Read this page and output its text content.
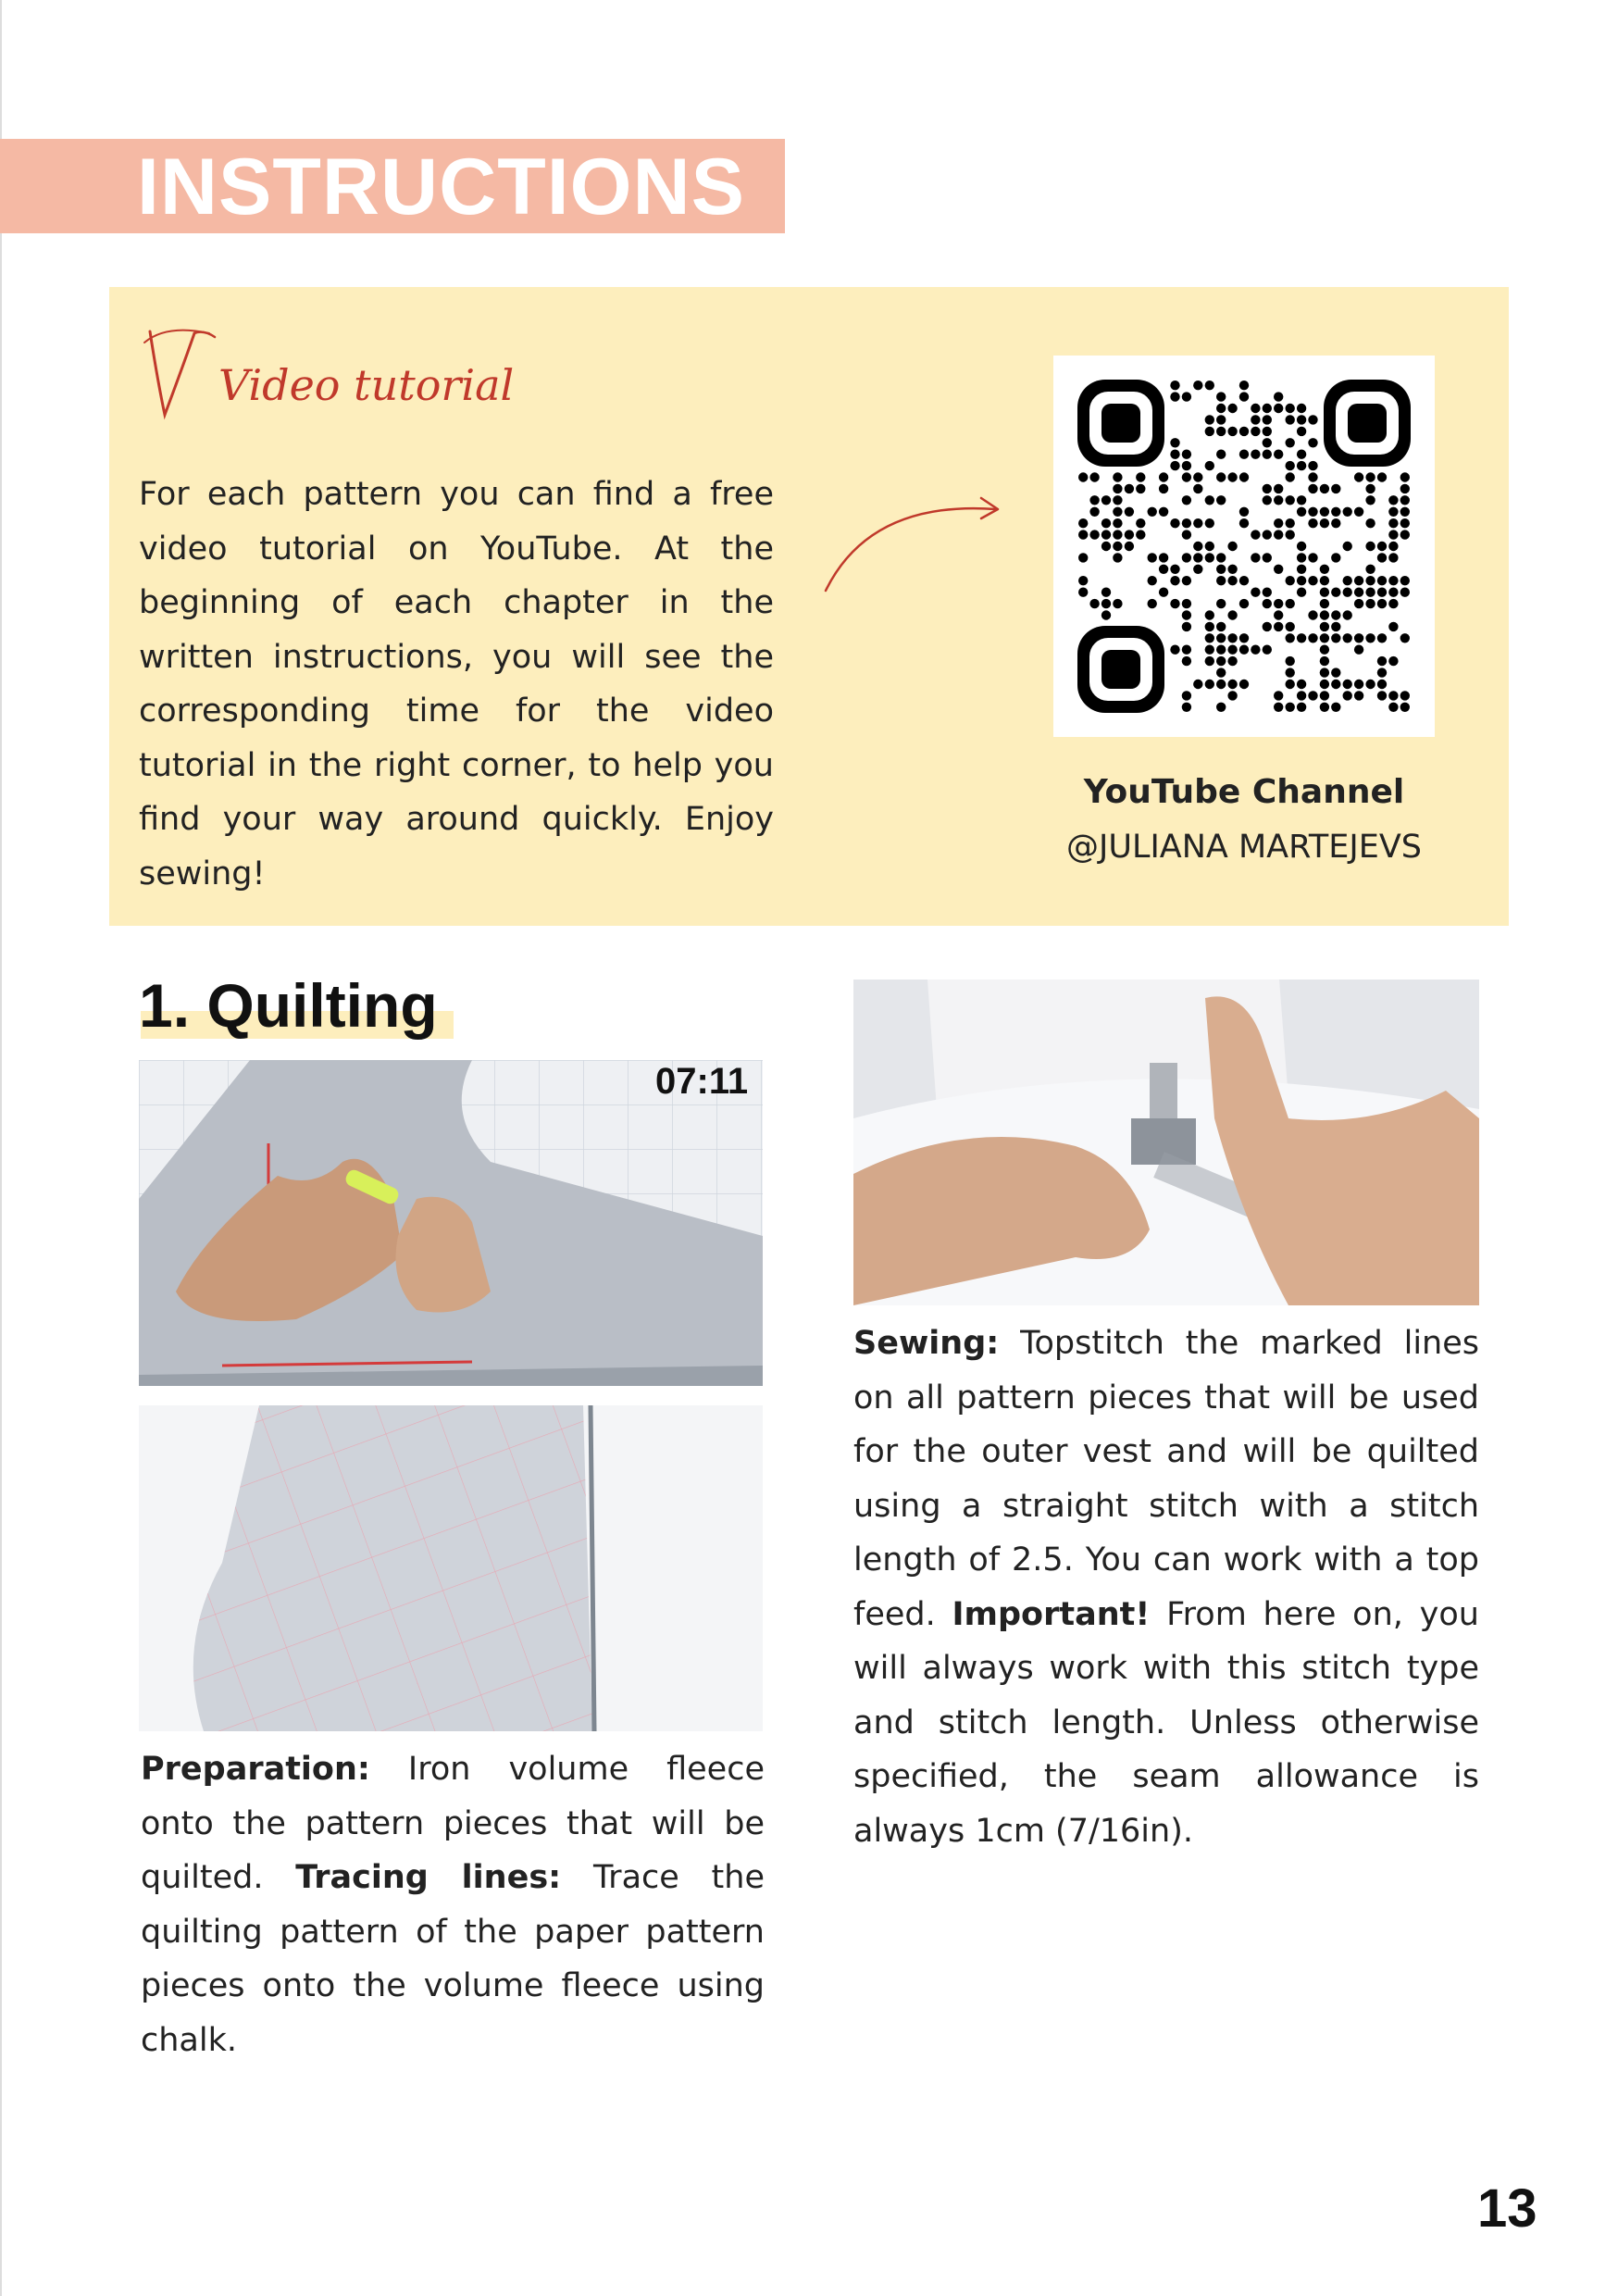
INSTRUCTIONS
Video tutorial
For each pattern you can find a free video tutorial on YouTube. At the beginning of each chapter in the written instructions, you will see the corresponding time for the video tutorial in the right corner, to help you find your way around quickly. Enjoy sewing!
YouTube Channel
@JULIANA MARTEJEVS
1. Quilting
07:11
Preparation: Iron volume fleece onto the pattern pieces that will be quilted. Tracing lines: Trace the quilting pattern of the paper pattern pieces onto the volume fleece using chalk.
Sewing: Topstitch the marked lines on all pattern pieces that will be used for the outer vest and will be quilted using a straight stitch with a stitch length of 2.5. You can work with a top feed. Important! From here on, you will always work with this stitch type and stitch length. Unless otherwise specified, the seam allowance is always 1cm (7/16in).
13
